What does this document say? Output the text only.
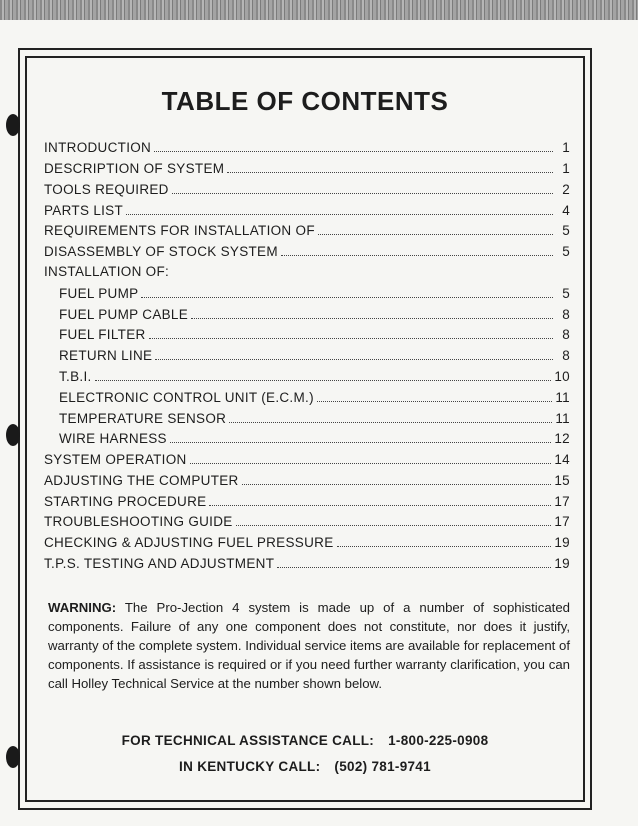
TABLE OF CONTENTS
INTRODUCTION	1
DESCRIPTION OF SYSTEM	1
TOOLS REQUIRED	2
PARTS LIST	4
REQUIREMENTS FOR INSTALLATION OF	5
DISASSEMBLY OF STOCK SYSTEM	5
INSTALLATION OF:
FUEL PUMP	5
FUEL PUMP CABLE	8
FUEL FILTER	8
RETURN LINE	8
T.B.I.	10
ELECTRONIC CONTROL UNIT (E.C.M.)	11
TEMPERATURE SENSOR	11
WIRE HARNESS	12
SYSTEM OPERATION	14
ADJUSTING THE COMPUTER	15
STARTING PROCEDURE	17
TROUBLESHOOTING GUIDE	17
CHECKING & ADJUSTING FUEL PRESSURE	19
T.P.S. TESTING AND ADJUSTMENT	19

WARNING: The Pro-Jection 4 system is made up of a number of sophisticated components. Failure of any one component does not constitute, nor does it justify, warranty of the complete system. Individual service items are available for replacement of components. If assistance is required or if you need further warranty clarification, you can call Holley Technical Service at the number shown below.

FOR TECHNICAL ASSISTANCE CALL: 1-800-225-0908
IN KENTUCKY CALL: (502) 781-9741
